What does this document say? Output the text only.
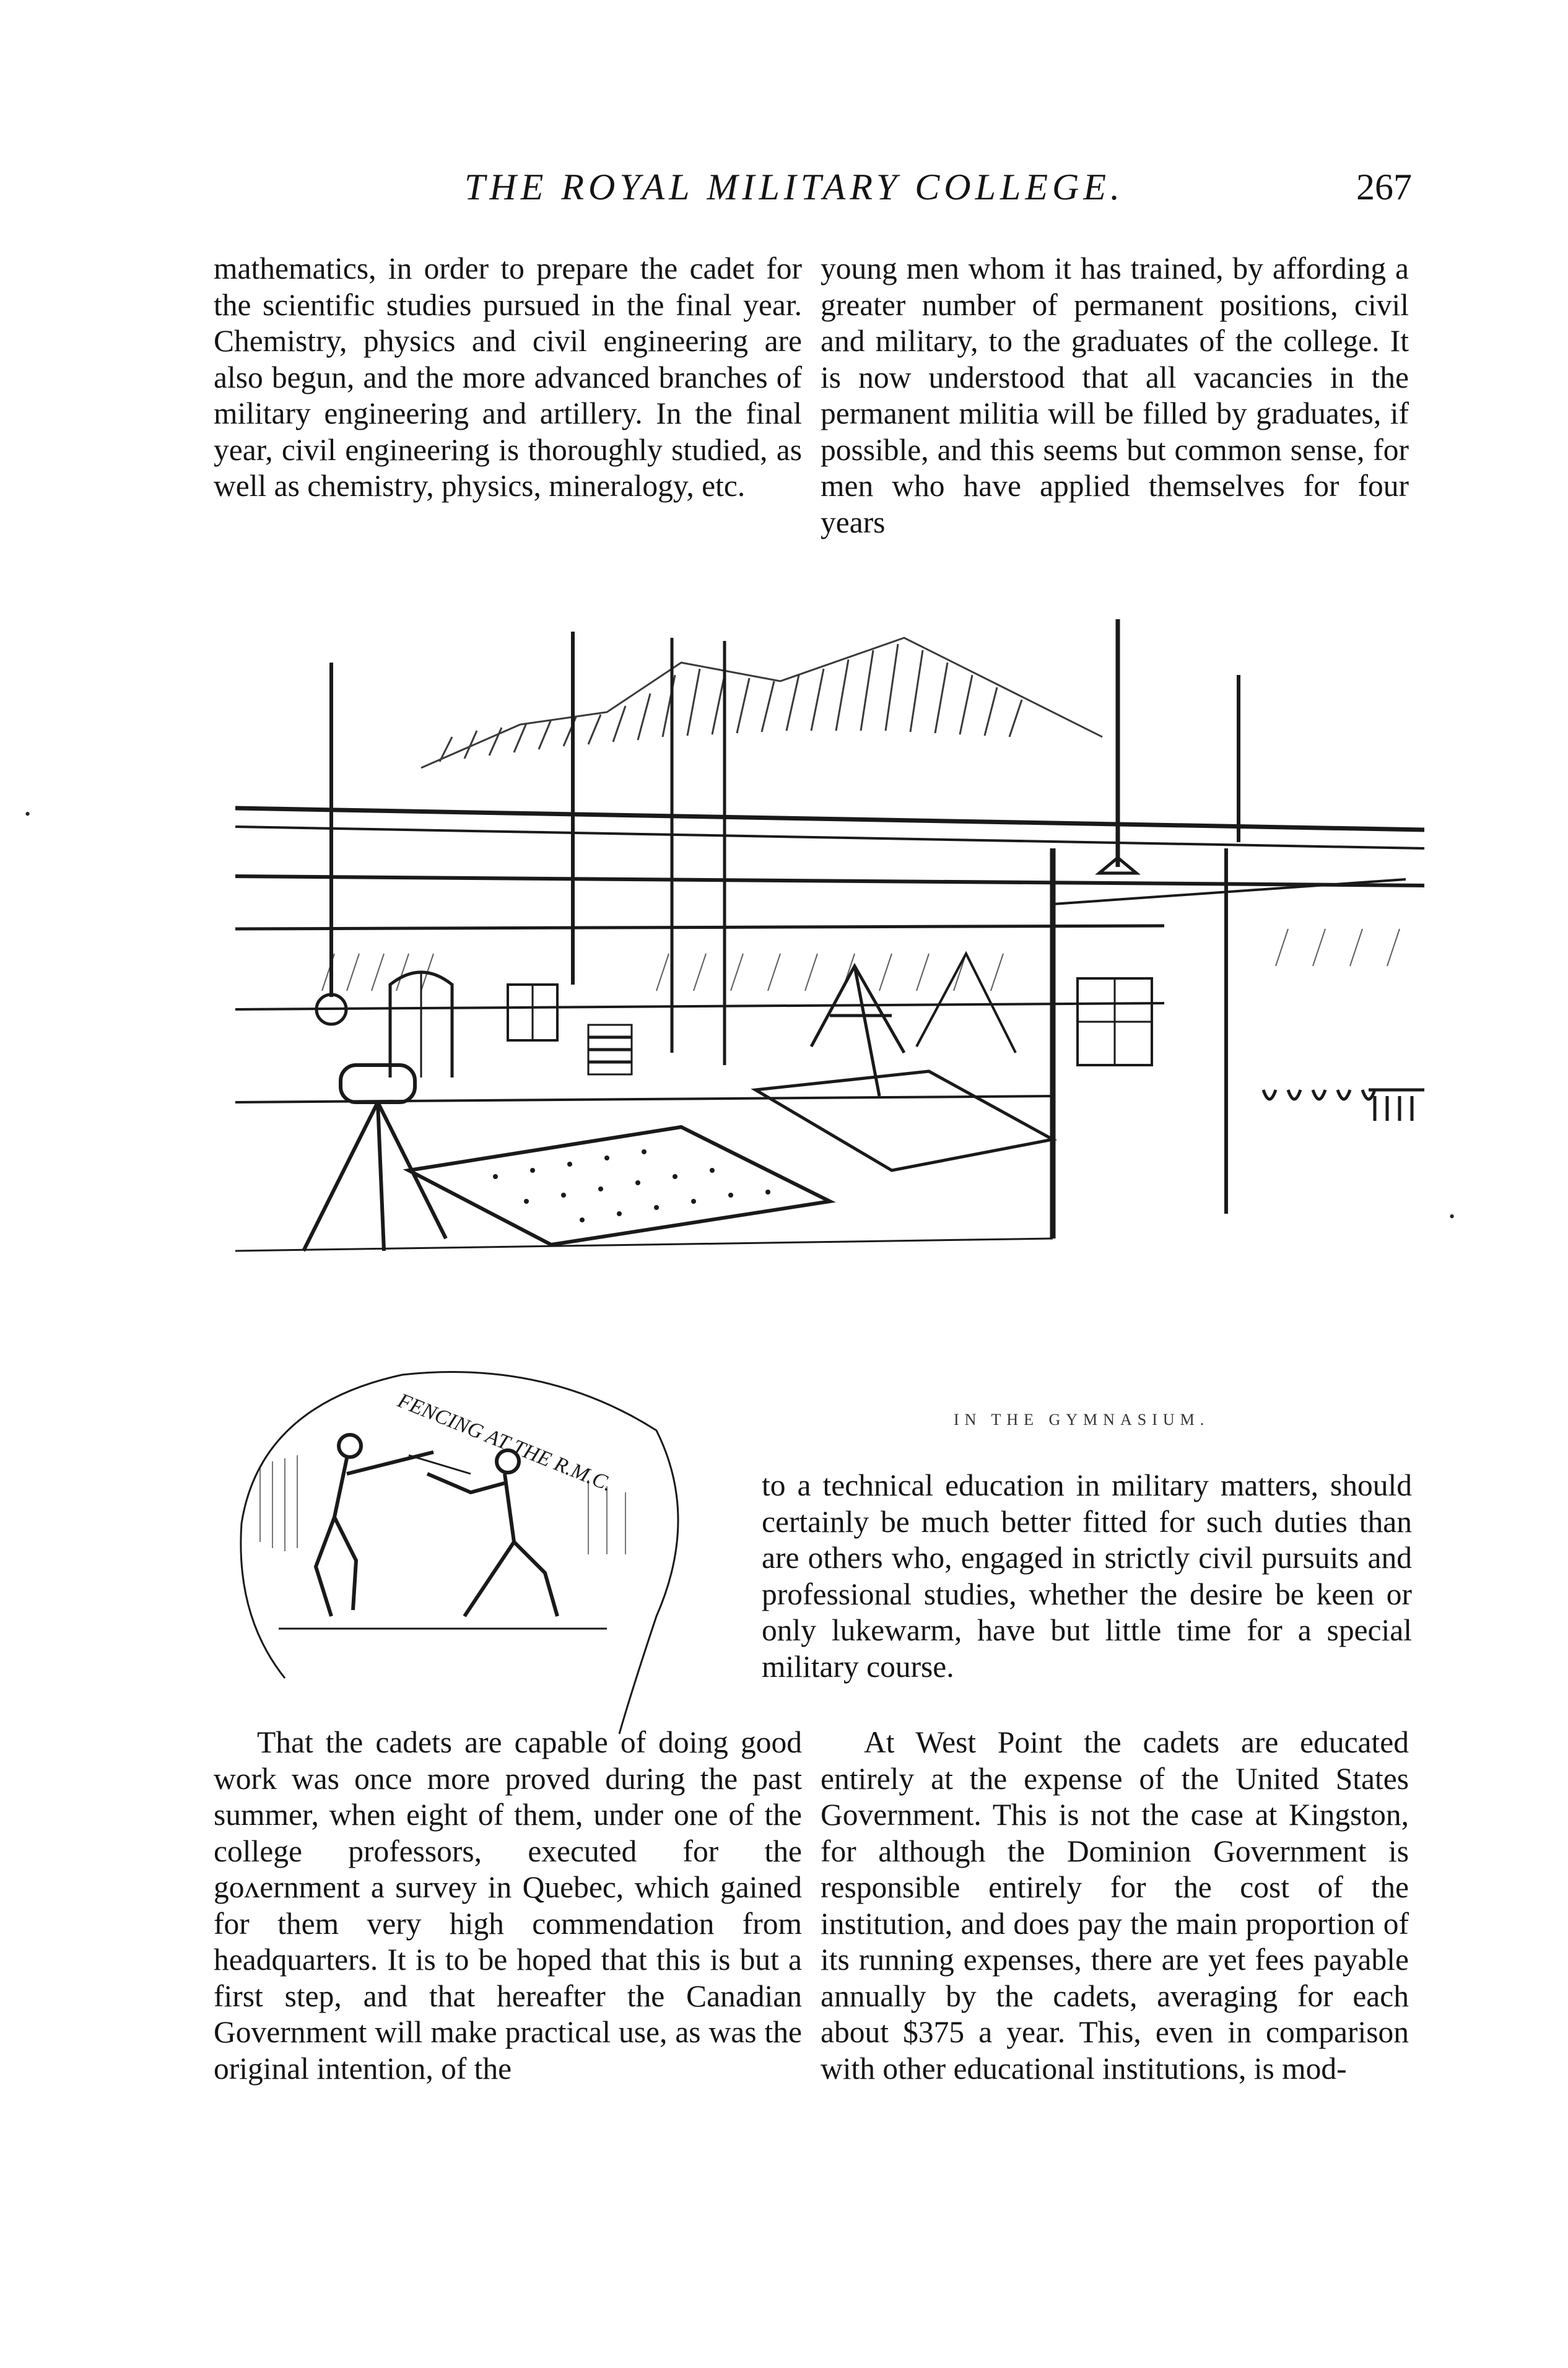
THE ROYAL MILITARY COLLEGE.	267

mathematics, in order to prepare the cadet for the scientific studies pursued in the final year. Chemistry, physics and civil engineering are also begun, and the more advanced branches of military engineering and artillery. In the final year, civil engineering is thoroughly studied, as well as chemistry, physics, mineralogy, etc.

young men whom it has trained, by affording a greater number of permanent positions, civil and military, to the graduates of the college. It is now understood that all vacancies in the permanent militia will be filled by graduates, if possible, and this seems but common sense, for men who have applied themselves for four years

IN THE GYMNASIUM.
FENCING AT THE R.M.C.	to a technical education in military matters, should certainly be much better fitted for such duties than are others who, engaged in strictly civil pursuits and professional studies, whether the desire be keen or only lukewarm, have but little time for a special military course.

That the cadets are capable of doing good work was once more proved during the past summer, when eight of them, under one of the college professors, executed for the goʌernment a survey in Quebec, which gained for them very high commendation from headquarters. It is to be hoped that this is but a first step, and that hereafter the Canadian Government will make practical use, as was the original intention, of the

At West Point the cadets are educated entirely at the expense of the United States Government. This is not the case at Kingston, for although the Dominion Government is responsible entirely for the cost of the institution, and does pay the main proportion of its running expenses, there are yet fees payable annually by the cadets, averaging for each about $375 a year. This, even in comparison with other educational institutions, is mod-

•
•
